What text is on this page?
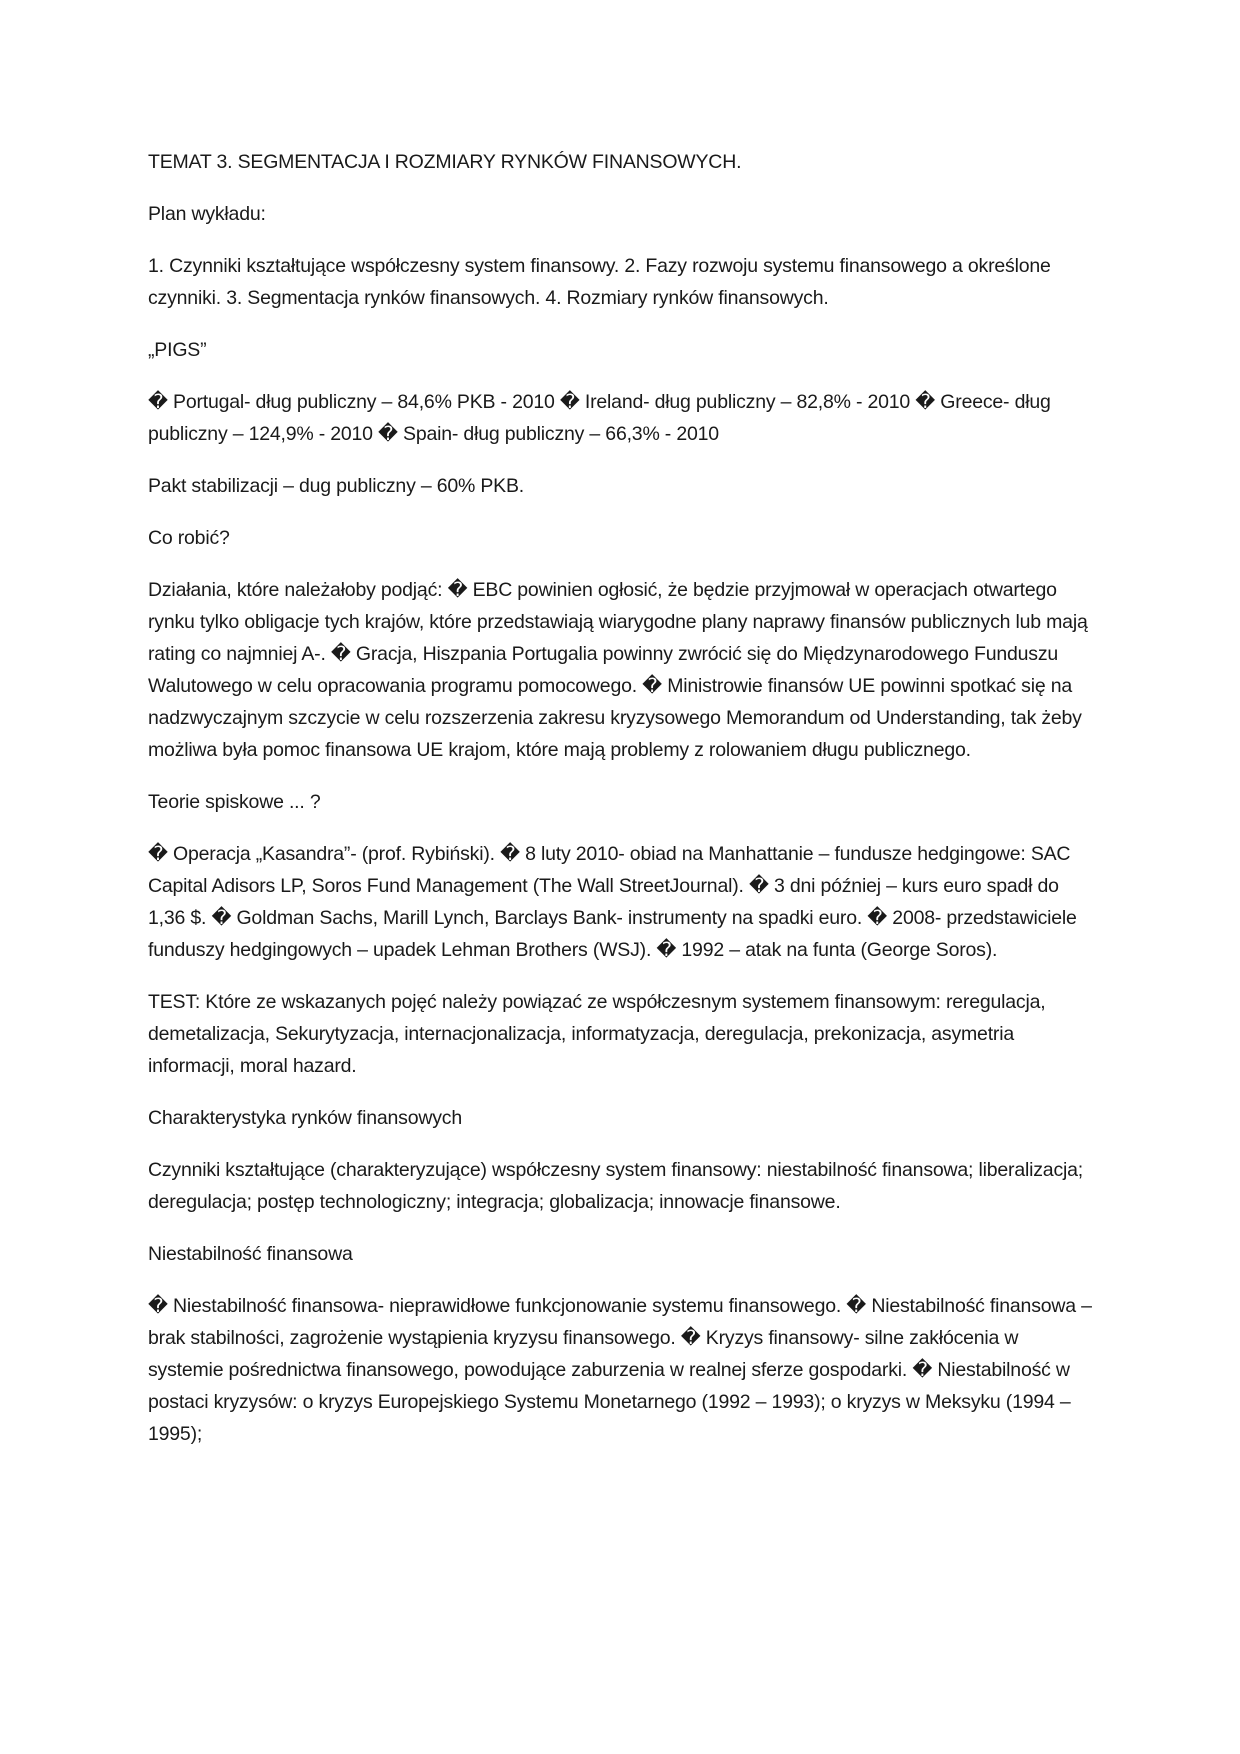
TEMAT 3. SEGMENTACJA I ROZMIARY RYNKÓW FINANSOWYCH.

Plan wykładu:

1. Czynniki kształtujące współczesny system finansowy. 2. Fazy rozwoju systemu finansowego a określone czynniki. 3. Segmentacja rynków finansowych. 4. Rozmiary rynków finansowych.

„PIGS”

� Portugal- dług publiczny – 84,6% PKB - 2010 � Ireland- dług publiczny – 82,8% - 2010 � Greece- dług publiczny – 124,9% - 2010 � Spain- dług publiczny – 66,3% - 2010

Pakt stabilizacji – dug publiczny – 60% PKB.

Co robić?

Działania, które należałoby podjąć: � EBC powinien ogłosić, że będzie przyjmował w operacjach otwartego rynku tylko obligacje tych krajów, które przedstawiają wiarygodne plany naprawy finansów publicznych lub mają rating co najmniej A-. � Gracja, Hiszpania Portugalia powinny zwrócić się do Międzynarodowego Funduszu Walutowego w celu opracowania programu pomocowego. � Ministrowie finansów UE powinni spotkać się na nadzwyczajnym szczycie w celu rozszerzenia zakresu kryzysowego Memorandum od Understanding, tak żeby możliwa była pomoc finansowa UE krajom, które mają problemy z rolowaniem długu publicznego.

Teorie spiskowe ... ?

� Operacja „Kasandra”- (prof. Rybiński). � 8 luty 2010- obiad na Manhattanie – fundusze hedgingowe: SAC Capital Adisors LP, Soros Fund Management (The Wall StreetJournal). � 3 dni później – kurs euro spadł do 1,36 $. � Goldman Sachs, Marill Lynch, Barclays Bank- instrumenty na spadki euro. � 2008- przedstawiciele funduszy hedgingowych – upadek Lehman Brothers (WSJ). � 1992 – atak na funta (George Soros).

TEST: Które ze wskazanych pojęć należy powiązać ze współczesnym systemem finansowym: reregulacja, demetalizacja, Sekurytyzacja, internacjonalizacja, informatyzacja, deregulacja, prekonizacja, asymetria informacji, moral hazard.

Charakterystyka rynków finansowych

Czynniki kształtujące (charakteryzujące) współczesny system finansowy: niestabilność finansowa; liberalizacja; deregulacja; postęp technologiczny; integracja; globalizacja; innowacje finansowe.

Niestabilność finansowa

� Niestabilność finansowa- nieprawidłowe funkcjonowanie systemu finansowego. � Niestabilność finansowa – brak stabilności, zagrożenie wystąpienia kryzysu finansowego. � Kryzys finansowy- silne zakłócenia w systemie pośrednictwa finansowego, powodujące zaburzenia w realnej sferze gospodarki. � Niestabilność w postaci kryzysów: o kryzys Europejskiego Systemu Monetarnego (1992 – 1993); o kryzys w Meksyku (1994 – 1995);
